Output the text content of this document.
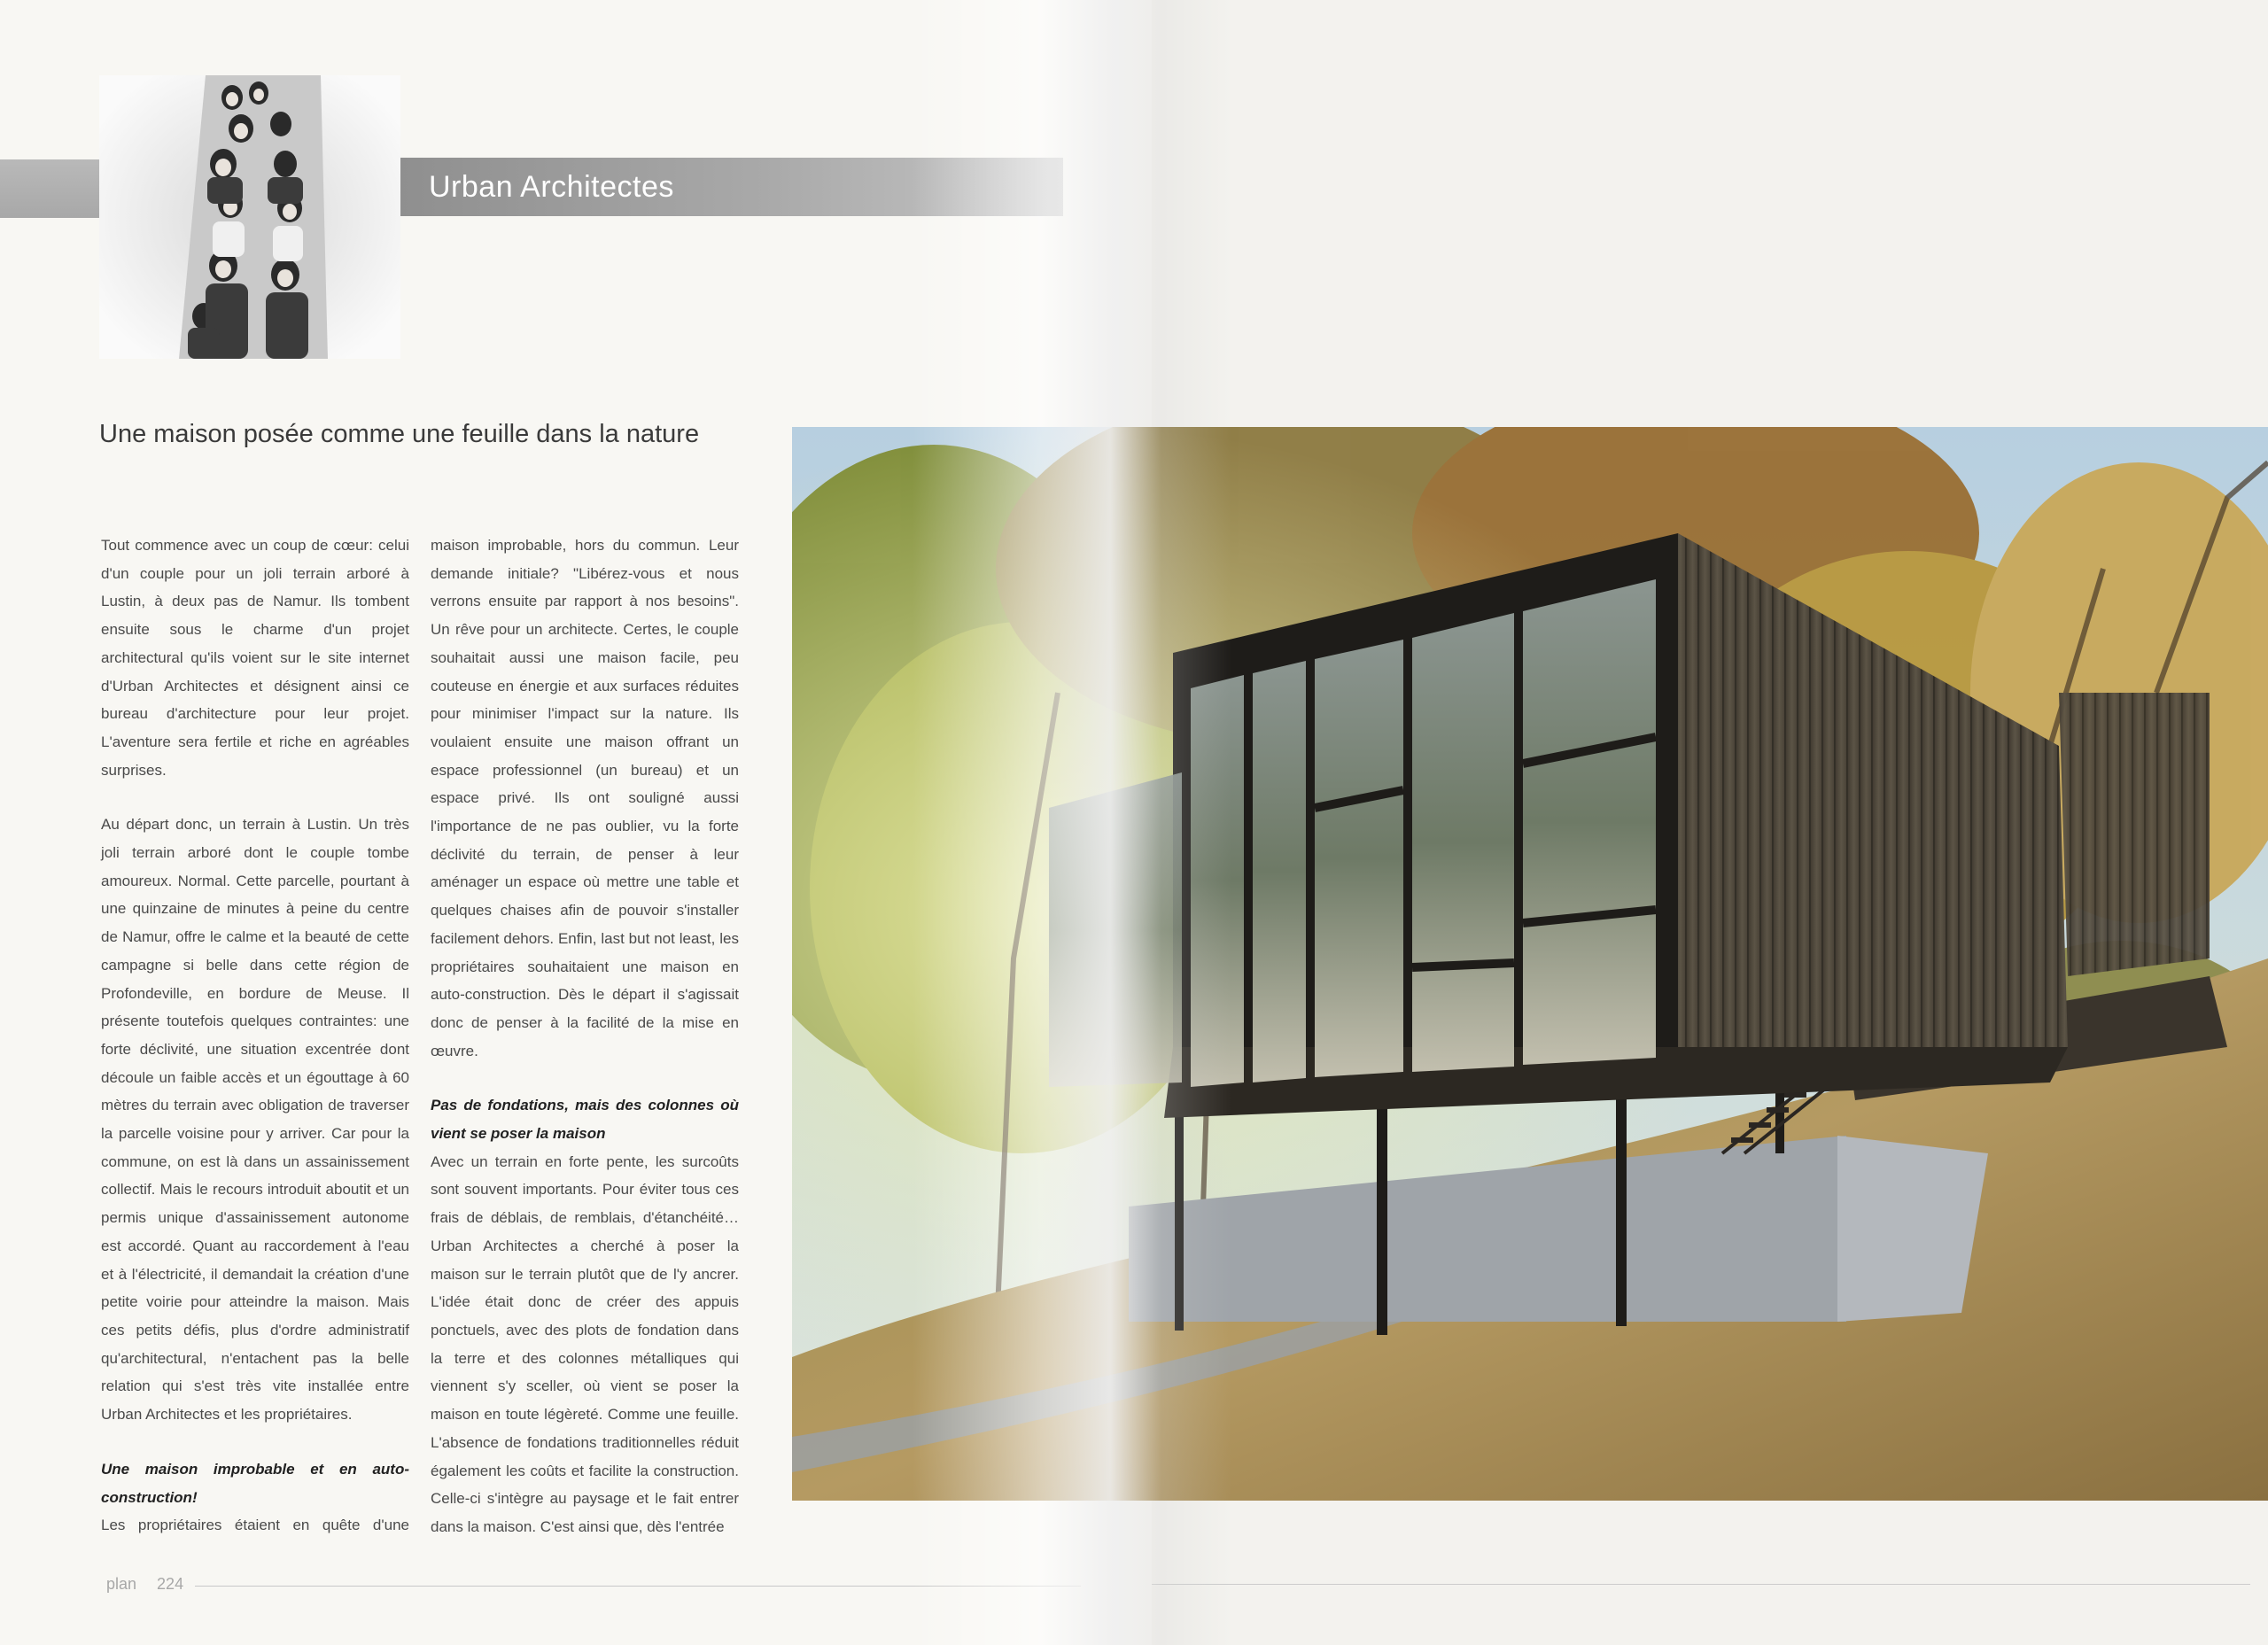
Urban Architectes
Une maison posée comme une feuille dans la nature

Tout commence avec un coup de cœur: celui d'un couple pour un joli terrain arboré à Lustin, à deux pas de Namur. Ils tombent ensuite sous le charme d'un projet architectural qu'ils voient sur le site internet d'Urban Architectes et désignent ainsi ce bureau d'architecture pour leur projet. L'aventure sera fertile et riche en agréables surprises.

Au départ donc, un terrain à Lustin. Un très joli terrain arboré dont le couple tombe amoureux. Normal. Cette parcelle, pourtant à une quinzaine de minutes à peine du centre de Namur, offre le calme et la beauté de cette campagne si belle dans cette région de Profondeville, en bordure de Meuse. Il présente toutefois quelques contraintes: une forte déclivité, une situation excentrée dont découle un faible accès et un égouttage à 60 mètres du terrain avec obligation de traverser la parcelle voisine pour y arriver. Car pour la commune, on est là dans un assainissement collectif. Mais le recours introduit aboutit et un permis unique d'assainissement autonome est accordé. Quant au raccordement à l'eau et à l'électricité, il demandait la création d'une petite voirie pour atteindre la maison. Mais ces petits défis, plus d'ordre administratif qu'architectural, n'entachent pas la belle relation qui s'est très vite installée entre Urban Architectes et les propriétaires.

Une maison improbable et en auto-construction!

Les propriétaires étaient en quête d'une

maison improbable, hors du commun. Leur demande initiale? "Libérez-vous et nous verrons ensuite par rapport à nos besoins". Un rêve pour un architecte. Certes, le couple souhaitait aussi une maison facile, peu couteuse en énergie et aux surfaces réduites pour minimiser l'impact sur la nature. Ils voulaient ensuite une maison offrant un espace professionnel (un bureau) et un espace privé. Ils ont souligné aussi l'importance de ne pas oublier, vu la forte déclivité du terrain, de penser à leur aménager un espace où mettre une table et quelques chaises afin de pouvoir s'installer facilement dehors. Enfin, last but not least, les propriétaires souhaitaient une maison en auto-construction. Dès le départ il s'agissait donc de penser à la facilité de la mise en œuvre.

Pas de fondations, mais des colonnes où vient se poser la maison

Avec un terrain en forte pente, les surcoûts sont souvent importants. Pour éviter tous ces frais de déblais, de remblais, d'étanchéité… Urban Architectes a cherché à poser la maison sur le terrain plutôt que de l'y ancrer. L'idée était donc de créer des appuis ponctuels, avec des plots de fondation dans la terre et des colonnes métalliques qui viennent s'y sceller, où vient se poser la maison en toute légèreté. Comme une feuille. L'absence de fondations traditionnelles réduit également les coûts et facilite la construction. Celle-ci s'intègre au paysage et le fait entrer dans la maison. C'est ainsi que, dès l'entrée

plan 224
